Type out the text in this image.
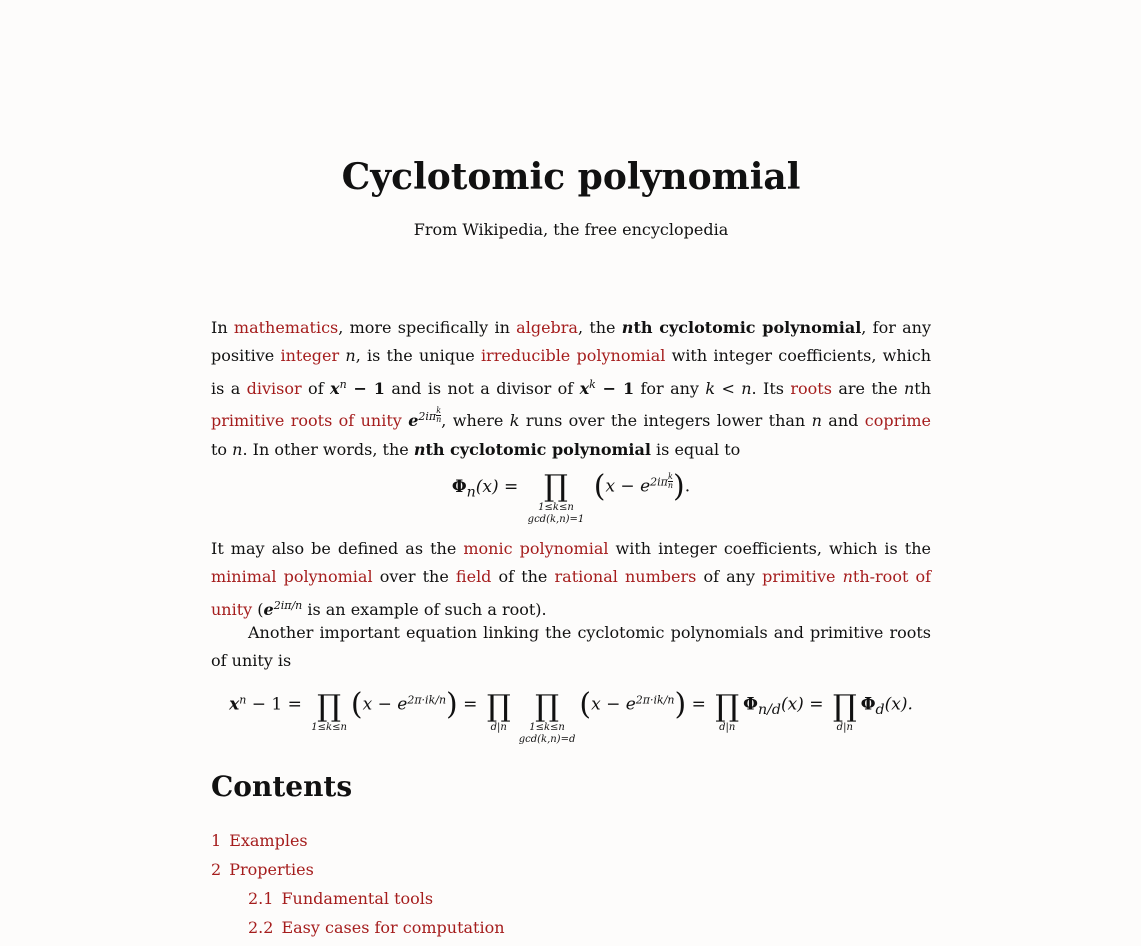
Cyclotomic polynomial

From Wikipedia, the free encyclopedia

In mathematics, more specifically in algebra, the nth cyclotomic polynomial, for any positive integer n, is the unique irreducible polynomial with integer coefficients, which is a divisor of $x^n - 1$ and is not a divisor of $x^k - 1$ for any k < n. Its roots are the nth primitive roots of unity $e^{2i\pi} \frac{k}{n}$ , where k runs over the integers lower than n and coprime to n. In other words, the nth cyclotomic polynomial is equal to

$\Phi_n(x)$ = ∏
1≤k≤n
gcd(k,n)=1
($x - e^{2i\pi} \frac{k}{n}$ ).

It may also be defined as the monic polynomial with integer coefficients, which is the minimal polynomial over the field of the rational numbers of any primitive nth-root of unity ($e^{2i\pi/n}$ is an example of such a root).

Another important equation linking the cyclotomic polynomials and primitive roots of unity is

$x^n - 1$ = ∏
1≤k≤n
$(x - e^{2\pi\cdot ik/n})$ = ∏
d|n
∏
1≤k≤n
gcd(k,n)=d
$(x - e^{2\pi\cdot ik/n})$ = ∏
d|n
$\Phi_{n/d}(x)$ = ∏
d|n
$\Phi_d(x)$.
Contents
1 Examples
2 Properties
2.1 Fundamental tools
2.2 Easy cases for computation
